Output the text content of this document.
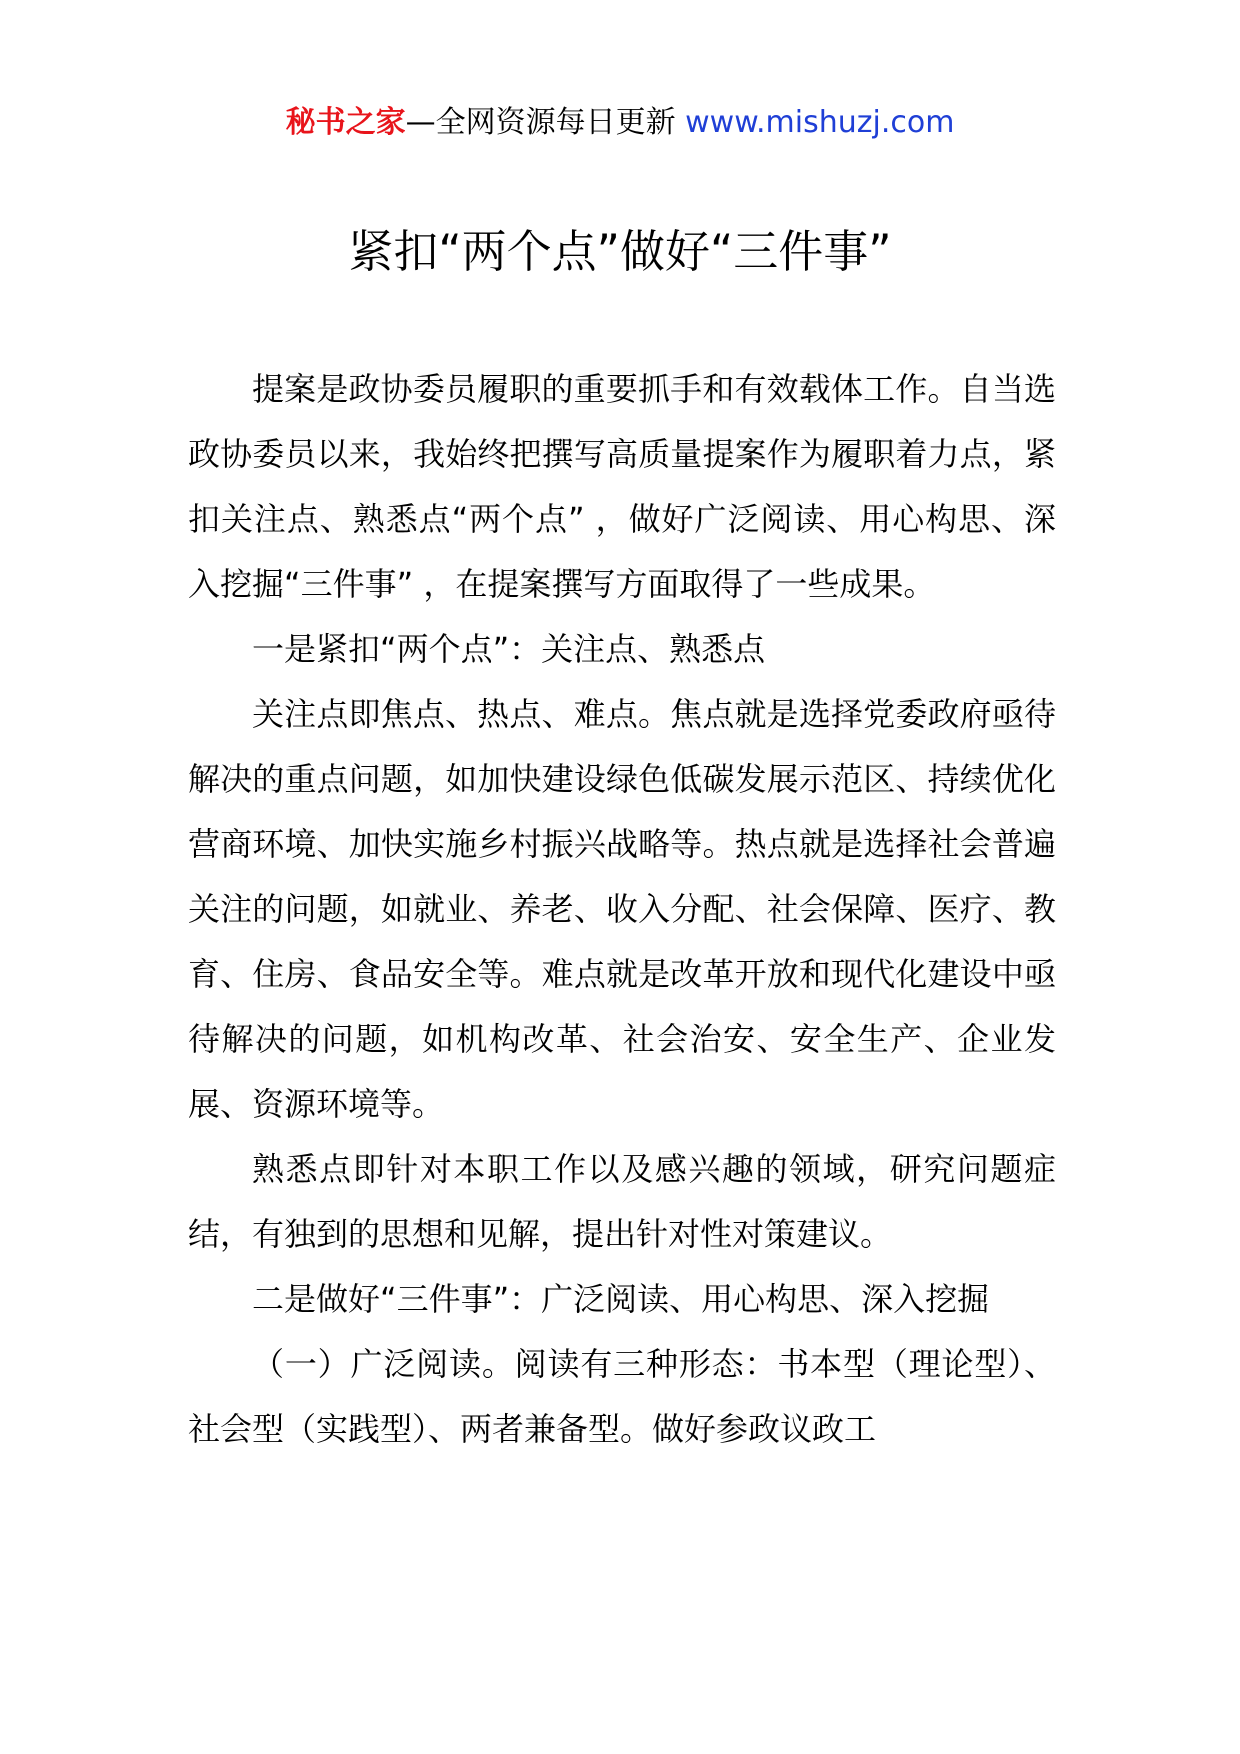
秘书之家—全网资源每日更新 www.mishuzj.com
紧扣“两个点”做好“三件事”

提案是政协委员履职的重要抓手和有效载体工作。自当选政协委员以来，我始终把撰写高质量提案作为履职着力点，紧扣关注点、熟悉点“两个点” ，做好广泛阅读、用心构思、深入挖掘“三件事” ，在提案撰写方面取得了一些成果。

一是紧扣“两个点”：关注点、熟悉点

关注点即焦点、热点、难点。焦点就是选择党委政府亟待解决的重点问题，如加快建设绿色低碳发展示范区、持续优化营商环境、加快实施乡村振兴战略等。热点就是选择社会普遍关注的问题，如就业、养老、收入分配、社会保障、医疗、教育、住房、食品安全等。难点就是改革开放和现代化建设中亟待解决的问题，如机构改革、社会治安、安全生产、企业发展、资源环境等。

熟悉点即针对本职工作以及感兴趣的领域，研究问题症结，有独到的思想和见解，提出针对性对策建议。

二是做好“三件事”：广泛阅读、用心构思、深入挖掘

（一）广泛阅读。阅读有三种形态：书本型（理论型）、社会型（实践型）、两者兼备型。做好参政议政工
